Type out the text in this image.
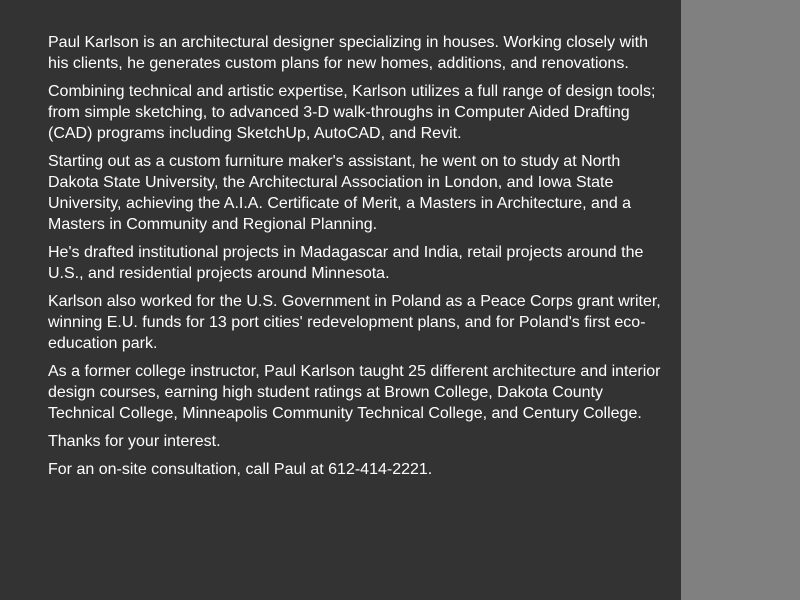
Paul Karlson is an architectural designer specializing in houses. Working closely with his clients, he generates custom plans for new homes, additions, and renovations.

Combining technical and artistic expertise, Karlson utilizes a full range of design tools; from simple sketching, to advanced 3-D walk-throughs in Computer Aided Drafting (CAD) programs including SketchUp, AutoCAD, and Revit.

Starting out as a custom furniture maker's assistant, he went on to study at North Dakota State University, the Architectural Association in London, and Iowa State University, achieving the A.I.A. Certificate of Merit, a Masters in Architecture, and a Masters in Community and Regional Planning.

He's drafted institutional projects in Madagascar and India, retail projects around the U.S., and residential projects around Minnesota.

Karlson also worked for the U.S. Government in Poland as a Peace Corps grant writer, winning E.U. funds for 13 port cities' redevelopment plans, and for Poland's first eco-education park.

As a former college instructor, Paul Karlson taught 25 different architecture and interior design courses, earning high student ratings at Brown College, Dakota County Technical College, Minneapolis Community Technical College, and Century College.

Thanks for your interest.

For an on-site consultation, call Paul at 612-414-2221.
